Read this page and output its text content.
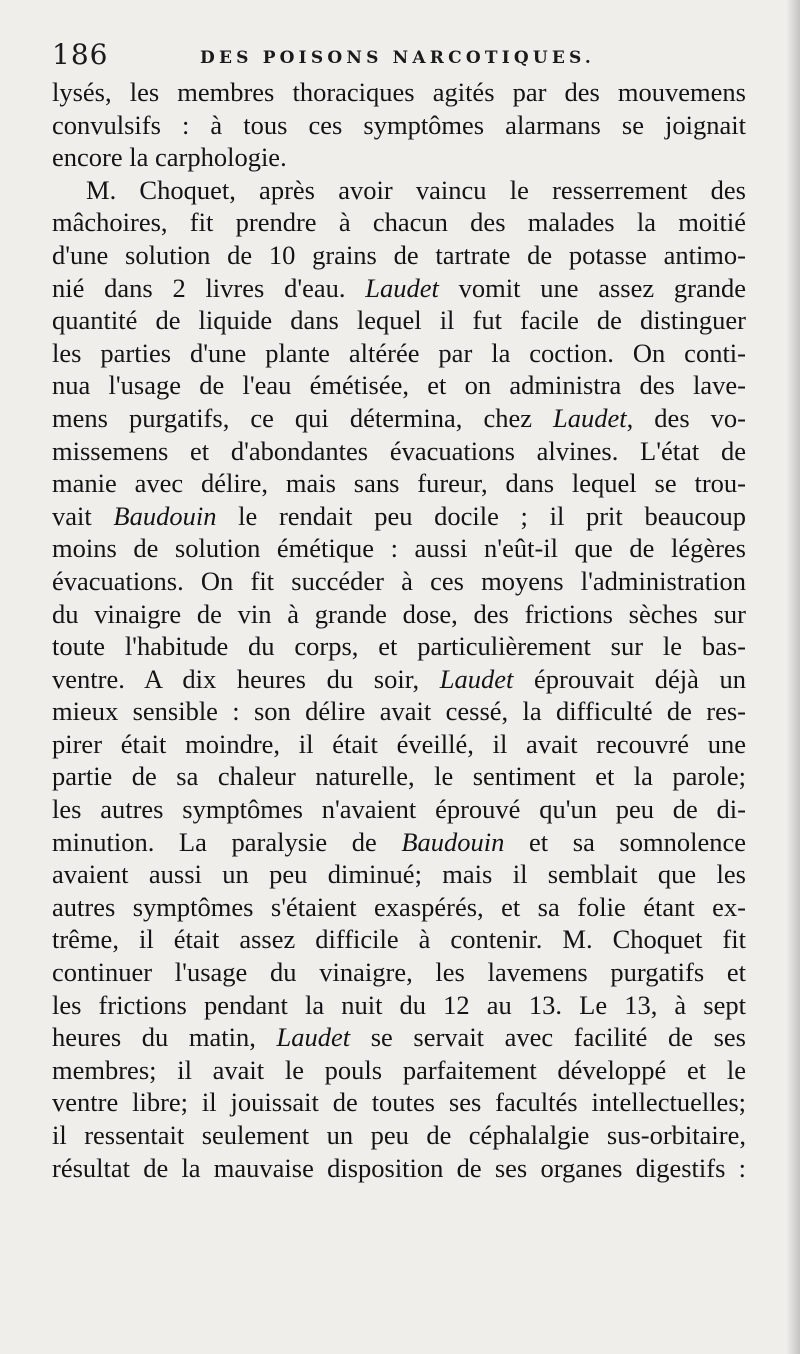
186	DES POISONS NARCOTIQUES.
lysés, les membres thoraciques agités par des mouvemens
convulsifs : à tous ces symptômes alarmans se joignait
encore la carphologie.
M. Choquet, après avoir vaincu le resserrement des
mâchoires, fit prendre à chacun des malades la moitié
d'une solution de 10 grains de tartrate de potasse antimo-
nié dans 2 livres d'eau. Laudet vomit une assez grande
quantité de liquide dans lequel il fut facile de distinguer
les parties d'une plante altérée par la coction. On conti-
nua l'usage de l'eau émétisée, et on administra des lave-
mens purgatifs, ce qui détermina, chez Laudet, des vo-
missemens et d'abondantes évacuations alvines. L'état de
manie avec délire, mais sans fureur, dans lequel se trou-
vait Baudouin le rendait peu docile ; il prit beaucoup
moins de solution émétique : aussi n'eût-il que de légères
évacuations. On fit succéder à ces moyens l'administration
du vinaigre de vin à grande dose, des frictions sèches sur
toute l'habitude du corps, et particulièrement sur le bas-
ventre. A dix heures du soir, Laudet éprouvait déjà un
mieux sensible : son délire avait cessé, la difficulté de res-
pirer était moindre, il était éveillé, il avait recouvré une
partie de sa chaleur naturelle, le sentiment et la parole;
les autres symptômes n'avaient éprouvé qu'un peu de di-
minution. La paralysie de Baudouin et sa somnolence
avaient aussi un peu diminué; mais il semblait que les
autres symptômes s'étaient exaspérés, et sa folie étant ex-
trême, il était assez difficile à contenir. M. Choquet fit
continuer l'usage du vinaigre, les lavemens purgatifs et
les frictions pendant la nuit du 12 au 13. Le 13, à sept
heures du matin, Laudet se servait avec facilité de ses
membres; il avait le pouls parfaitement développé et le
ventre libre; il jouissait de toutes ses facultés intellectuelles;
il ressentait seulement un peu de céphalalgie sus-orbitaire,
résultat de la mauvaise disposition de ses organes digestifs :
